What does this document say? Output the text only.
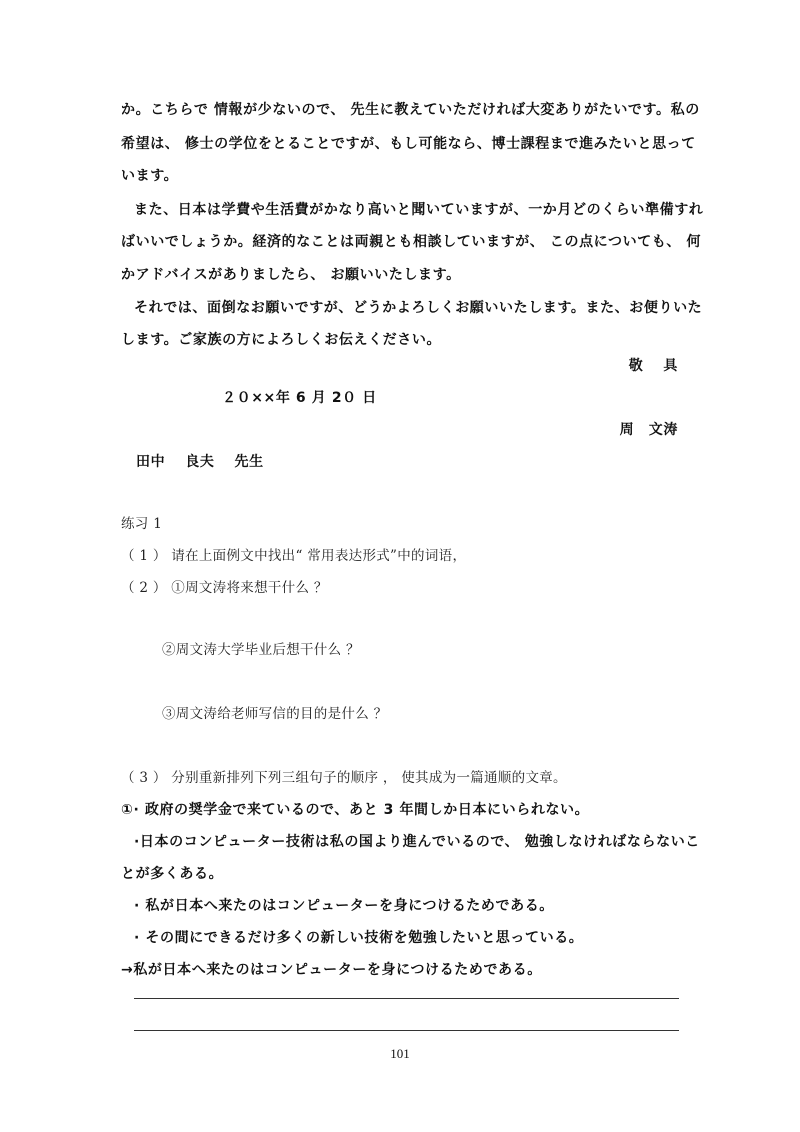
か。こちらで 情報が少ないので、 先生に教えていただければ大変ありがたいです。私の
希望は、 修士の学位をとることですが、もし可能なら、博士課程まで進みたいと思って
います。
また、日本は学費や生活費がかなり高いと聞いていますが、一か月どのくらい準備すれ
ばいいでしょうか。経済的なことは両親とも相談していますが、 この点についても、 何
かアドバイスがありましたら、 お願いいたします。
それでは、面倒なお願いですが、どうかよろしくお願いいたします。また、お便りいた
します。ご家族の方によろしくお伝えください。
敬　 具
２０××年 6 月 2０ 日
周　文涛
田中　 良夫　 先生
练习 1
（ 1 ） 请在上面例文中找出“ 常用表达形式”中的词语，
（ 2 ） ①周文涛将来想干什么 ？
②周文涛大学毕业后想干什么 ？
③周文涛给老师写信的目的是什么 ？
（ 3 ） 分别重新排列下列三组句子的顺序 ， 使其成为一篇通顺的文章。
①· 政府の奨学金で来ているので、あと 3 年間しか日本にいられない。
·日本のコンピューター技術は私の国より進んでいるので、 勉強しなければならないこ
とが多くある。
· 私が日本へ来たのはコンピューターを身につけるためである。
· その間にできるだけ多くの新しい技術を勉強したいと思っている。
→私が日本へ来たのはコンピューターを身につけるためである。
101
